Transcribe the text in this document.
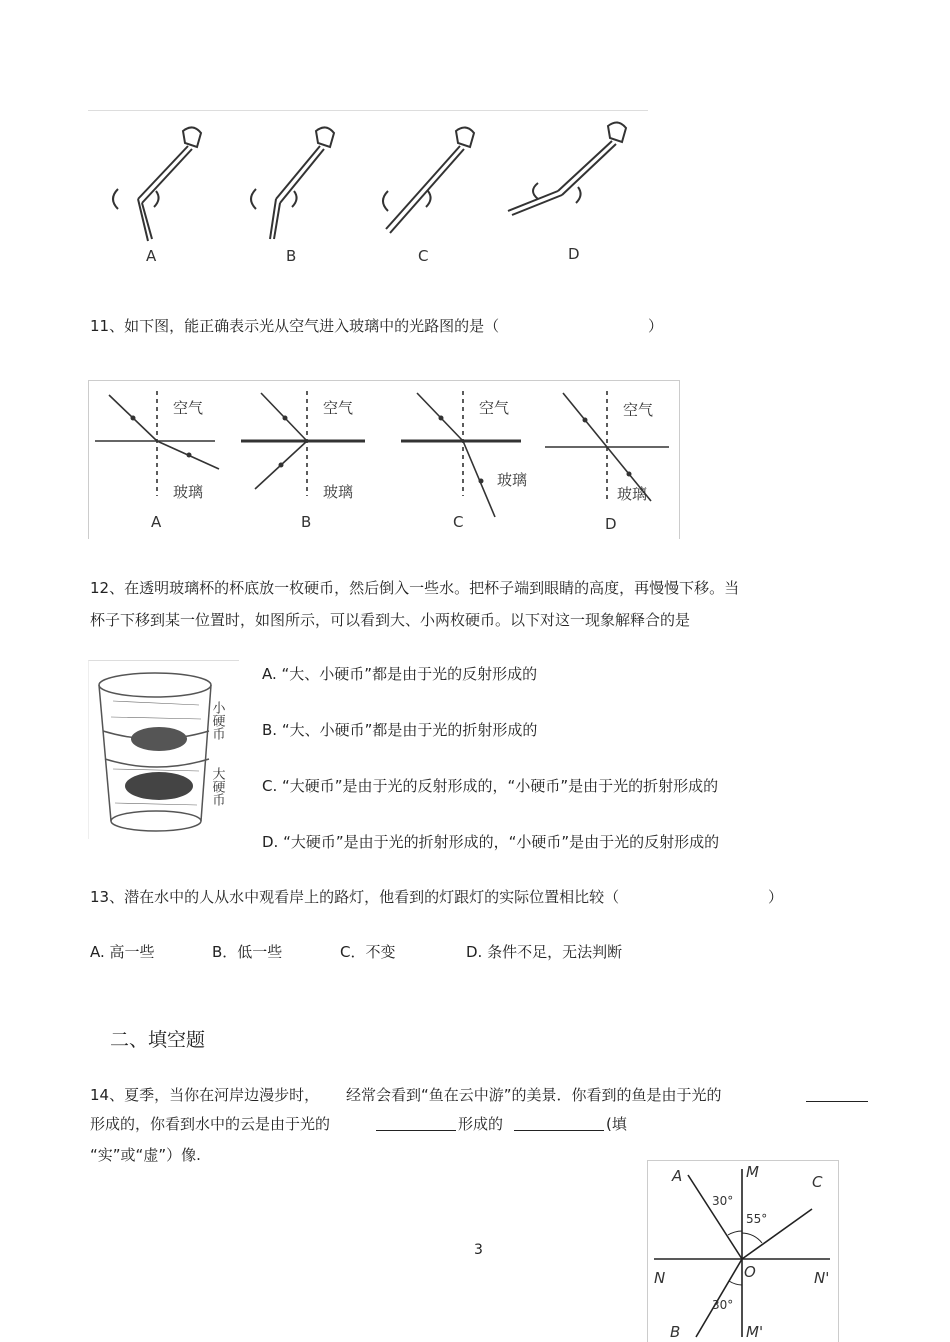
A	B	C	D
11、如下图，能正确表示光从空气进入玻璃中的光路图的是（	）
空气
玻璃
空气
玻璃
空气
玻璃
空气
玻璃
A	B	C	D
12、在透明玻璃杯的杯底放一枚硬币，然后倒入一些水。把杯子端到眼睛的高度，再慢慢下移。当
杯子下移到某一位置时，如图所示，可以看到大、小两枚硬币。以下对这一现象解释合的是
小硬币
大硬币
A. “大、小硬币”都是由于光的反射形成的
B. “大、小硬币”都是由于光的折射形成的
C. “大硬币”是由于光的反射形成的，“小硬币”是由于光的折射形成的
D. “大硬币”是由于光的折射形成的，“小硬币”是由于光的反射形成的
13、潜在水中的人从水中观看岸上的路灯，他看到的灯跟灯的实际位置相比较（	）
A. 高一些	B．低一些	C．不变	D. 条件不足，无法判断
二、填空题
14、夏季，当你在河岸边漫步时， 经常会看到“鱼在云中游”的美景．你看到的鱼是由于光的
形成的，你看到水中的云是由于光的	形成的	(填
“实”或“虚”）像.
A	M
C
N	O	N'
B	M'
30°
55°
30°
3
